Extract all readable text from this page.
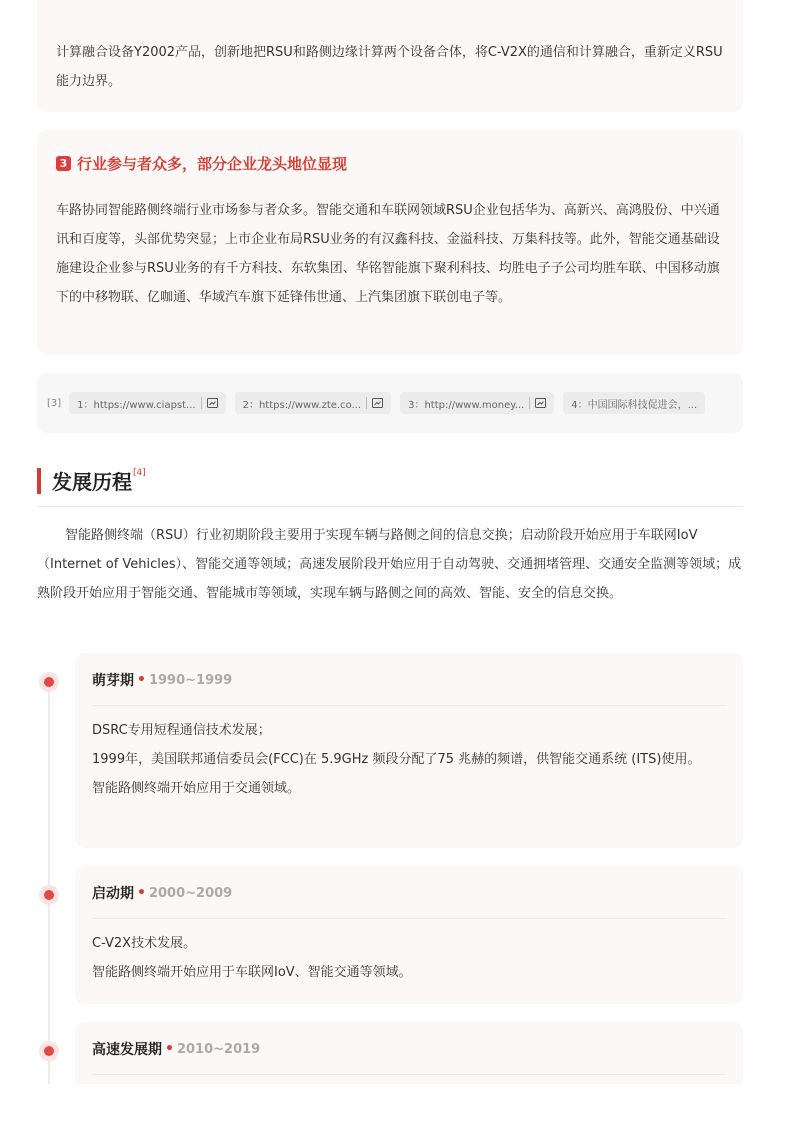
计算融合设备Y2002产品，创新地把RSU和路侧边缘计算两个设备合体，将C-V2X的通信和计算融合，重新定义RSU能力边界。

3 行业参与者众多，部分企业龙头地位显现

车路协同智能路侧终端行业市场参与者众多。智能交通和车联网领域RSU企业包括华为、高新兴、高鸿股份、中兴通讯和百度等，头部优势突显；上市企业布局RSU业务的有汉鑫科技、金溢科技、万集科技等。此外，智能交通基础设施建设企业参与RSU业务的有千方科技、东软集团、华铭智能旗下聚利科技、均胜电子子公司均胜车联、中国移动旗下的中移物联、亿咖通、华域汽车旗下延锋伟世通、上汽集团旗下联创电子等。

[3] 1：https://www.ciapst...	2：https://www.zte.co...	3：http://www.money...	4：中国国际科技促进会，...
发展历程 [4]

智能路侧终端（RSU）行业初期阶段主要用于实现车辆与路侧之间的信息交换；启动阶段开始应用于车联网IoV（Internet of Vehicles）、智能交通等领域；高速发展阶段开始应用于自动驾驶、交通拥堵管理、交通安全监测等领域；成熟阶段开始应用于智能交通、智能城市等领域，实现车辆与路侧之间的高效、智能、安全的信息交换。

萌芽期 • 1990~1999
DSRC专用短程通信技术发展；
1999年，美国联邦通信委员会(FCC)在 5.9GHz 频段分配了75 兆赫的频谱，供智能交通系统 (ITS)使用。
智能路侧终端开始应用于交通领域。
启动期 • 2000~2009
C-V2X技术发展。
智能路侧终端开始应用于车联网IoV、智能交通等领域。
高速发展期 • 2010~2019
